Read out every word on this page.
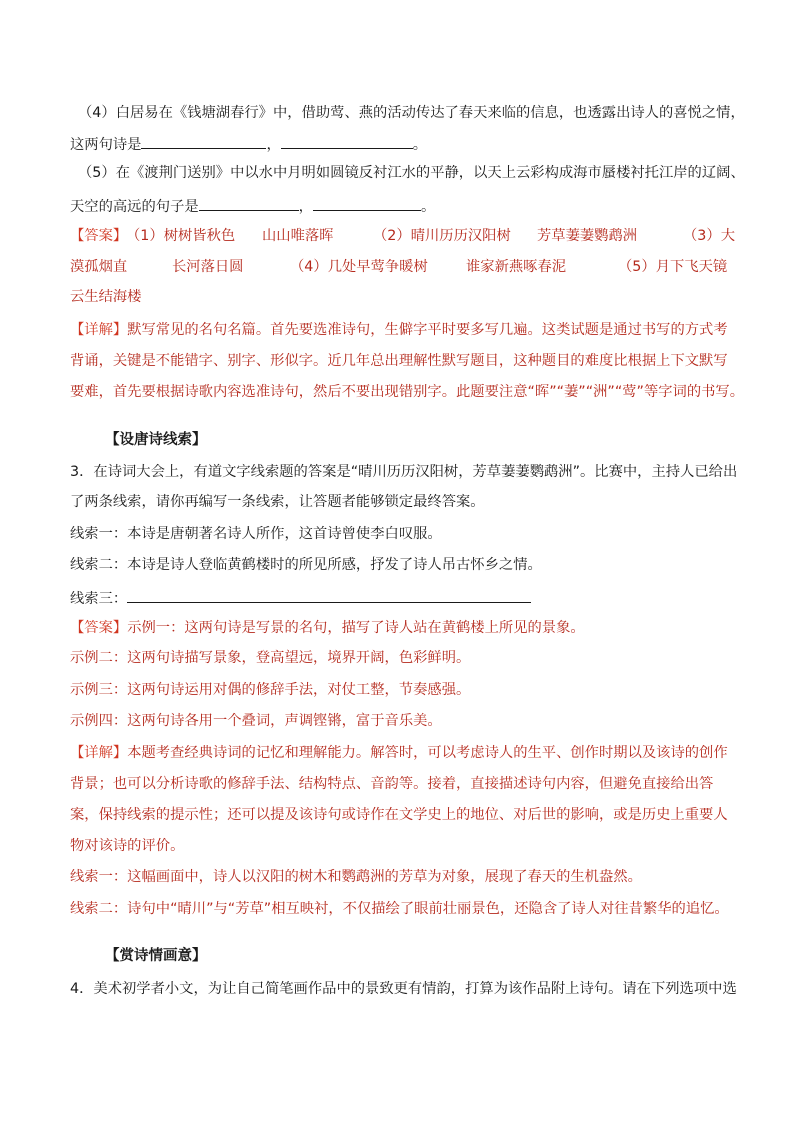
（4）白居易在《钱塘湖春行》中，借助莺、燕的活动传达了春天来临的信息，也透露出诗人的喜悦之情，
这两句诗是	，	。
（5）在《渡荆门送别》中以水中月明如圆镜反衬江水的平静，以天上云彩构成海市蜃楼衬托江岸的辽阔、
天空的高远的句子是	，	。
【答案】
（1）树树皆秋色 山山唯落晖	（2）晴川历历汉阳树 芳草萋萋鹦鹉洲	（3）大
漠孤烟直	长河落日圆	（4）几处早莺争暖树	谁家新燕啄春泥	（5）月下飞天镜
云生结海楼
【详解】默写常见的名句名篇。首先要选准诗句，生僻字平时要多写几遍。这类试题是通过书写的方式考
背诵，关键是不能错字、别字、形似字。近几年总出理解性默写题目，这种题目的难度比根据上下文默写
要难，首先要根据诗歌内容选准诗句，然后不要出现错别字。此题要注意“晖”“萋”“洲”“莺”等字词的书写。
【设唐诗线索】
3．在诗词大会上，有道文字线索题的答案是“晴川历历汉阳树，芳草萋萋鹦鹉洲”。比赛中，主持人已给出
了两条线索，请你再编写一条线索，让答题者能够锁定最终答案。
线索一：本诗是唐朝著名诗人所作，这首诗曾使李白叹服。
线索二：本诗是诗人登临黄鹤楼时的所见所感，抒发了诗人吊古怀乡之情。
线索三：
【答案】示例一：这两句诗是写景的名句，描写了诗人站在黄鹤楼上所见的景象。
示例二：这两句诗描写景象，登高望远，境界开阔，色彩鲜明。
示例三：这两句诗运用对偶的修辞手法，对仗工整，节奏感强。
示例四：这两句诗各用一个叠词，声调铿锵，富于音乐美。
【详解】本题考查经典诗词的记忆和理解能力。解答时，可以考虑诗人的生平、创作时期以及该诗的创作
背景；也可以分析诗歌的修辞手法、结构特点、音韵等。接着，直接描述诗句内容，但避免直接给出答
案，保持线索的提示性；还可以提及该诗句或诗作在文学史上的地位、对后世的影响，或是历史上重要人
物对该诗的评价。
线索一：这幅画面中，诗人以汉阳的树木和鹦鹉洲的芳草为对象，展现了春天的生机盎然。
线索二：诗句中“晴川”与“芳草”相互映衬，不仅描绘了眼前壮丽景色，还隐含了诗人对往昔繁华的追忆。
【赏诗情画意】
4．美术初学者小文，为让自己简笔画作品中的景致更有情韵，打算为该作品附上诗句。请在下列选项中选
